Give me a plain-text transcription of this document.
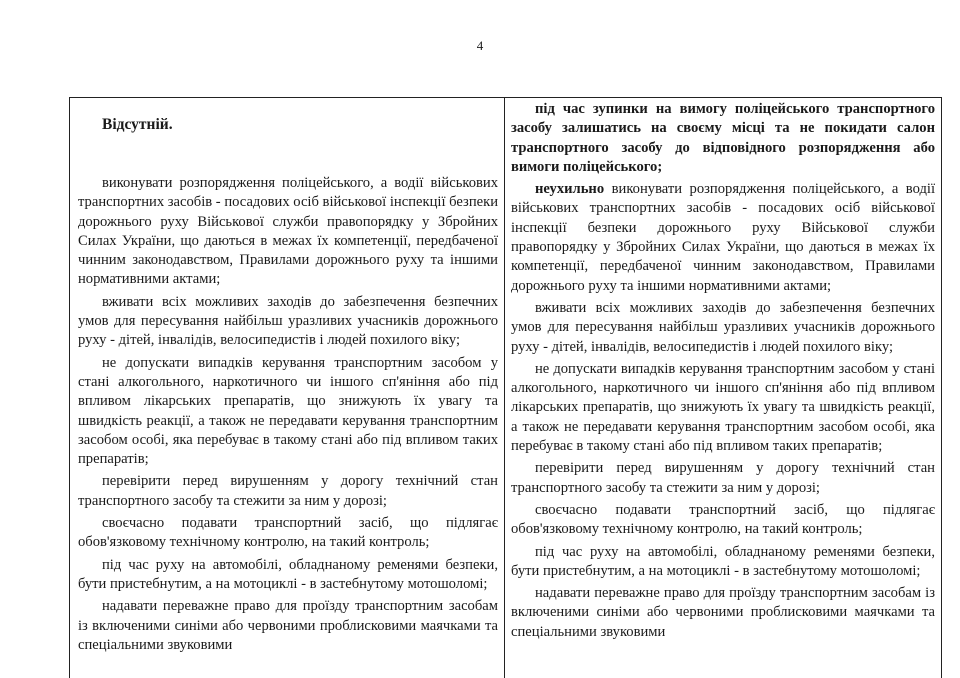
4
Відсутній.

виконувати розпорядження поліцейського, а водії військових транспортних засобів - посадових осіб військової інспекції безпеки дорожнього руху Військової служби правопорядку у Збройних Силах України, що даються в межах їх компетенції, передбаченої чинним законодавством, Правилами дорожнього руху та іншими нормативними актами;

вживати всіх можливих заходів до забезпечення безпечних умов для пересування найбільш уразливих учасників дорожнього руху - дітей, інвалідів, велосипедистів і людей похилого віку;

не допускати випадків керування транспортним засобом у стані алкогольного, наркотичного чи іншого сп'яніння або під впливом лікарських препаратів, що знижують їх увагу та швидкість реакції, а також не передавати керування транспортним засобом особі, яка перебуває в такому стані або під впливом таких препаратів;

перевірити перед вирушенням у дорогу технічний стан транспортного засобу та стежити за ним у дорозі;

своєчасно подавати транспортний засіб, що підлягає обов'язковому технічному контролю, на такий контроль;

під час руху на автомобілі, обладнаному ременями безпеки, бути пристебнутим, а на мотоциклі - в застебнутому мотошоломі;

надавати переважне право для проїзду транспортним засобам із включеними синіми або червоними проблисковими маячками та спеціальними звуковими

під час зупинки на вимогу поліцейського транспортного засобу залишатись на своєму місці та не покидати салон транспортного засобу до відповідного розпорядження або вимоги поліцейського;

неухильно виконувати розпорядження поліцейського, а водії військових транспортних засобів - посадових осіб військової інспекції безпеки дорожнього руху Військової служби правопорядку у Збройних Силах України, що даються в межах їх компетенції, передбаченої чинним законодавством, Правилами дорожнього руху та іншими нормативними актами;

вживати всіх можливих заходів до забезпечення безпечних умов для пересування найбільш уразливих учасників дорожнього руху - дітей, інвалідів, велосипедистів і людей похилого віку;

не допускати випадків керування транспортним засобом у стані алкогольного, наркотичного чи іншого сп'яніння або під впливом лікарських препаратів, що знижують їх увагу та швидкість реакції, а також не передавати керування транспортним засобом особі, яка перебуває в такому стані або під впливом таких препаратів;

перевірити перед вирушенням у дорогу технічний стан транспортного засобу та стежити за ним у дорозі;

своєчасно подавати транспортний засіб, що підлягає обов'язковому технічному контролю, на такий контроль;

під час руху на автомобілі, обладнаному ременями безпеки, бути пристебнутим, а на мотоциклі - в застебнутому мотошоломі;

надавати переважне право для проїзду транспортним засобам із включеними синіми або червоними проблисковими маячками та спеціальними звуковими
